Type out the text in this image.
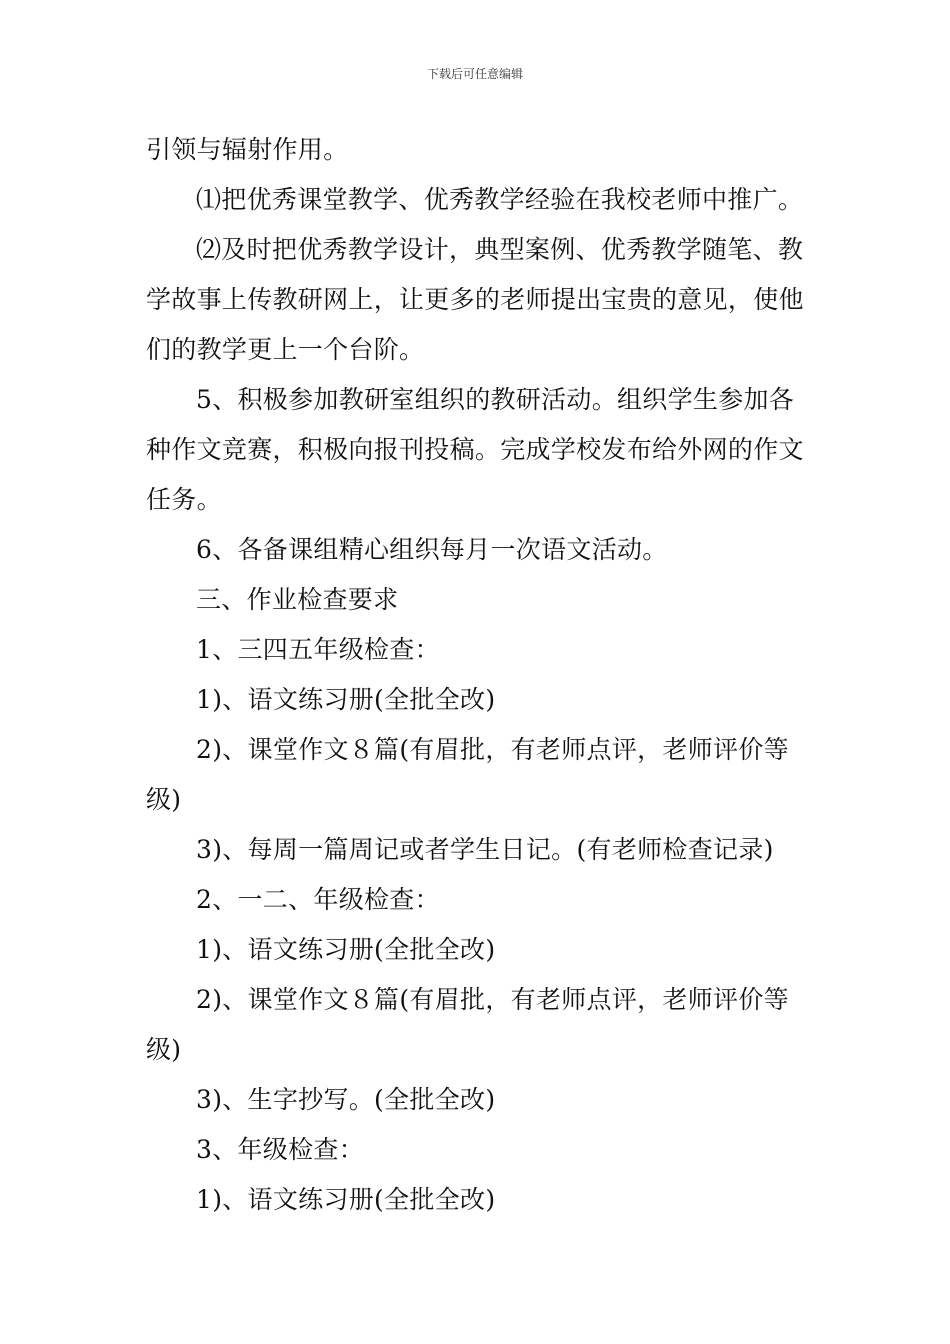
下载后可任意编辑

引领与辐射作用。

⑴把优秀课堂教学、优秀教学经验在我校老师中推广。

⑵及时把优秀教学设计，典型案例、优秀教学随笔、教学故事上传教研网上，让更多的老师提出宝贵的意见，使他们的教学更上一个台阶。

5、积极参加教研室组织的教研活动。组织学生参加各种作文竞赛，积极向报刊投稿。完成学校发布给外网的作文任务。

6、各备课组精心组织每月一次语文活动。

三、作业检查要求

1、三四五年级检查：

1)、语文练习册(全批全改)

2)、课堂作文８篇(有眉批，有老师点评，老师评价等级)

3)、每周一篇周记或者学生日记。(有老师检查记录)

2、一二、年级检查：

1)、语文练习册(全批全改)

2)、课堂作文８篇(有眉批，有老师点评，老师评价等级)

3)、生字抄写。(全批全改)

3、年级检查：

1)、语文练习册(全批全改)
